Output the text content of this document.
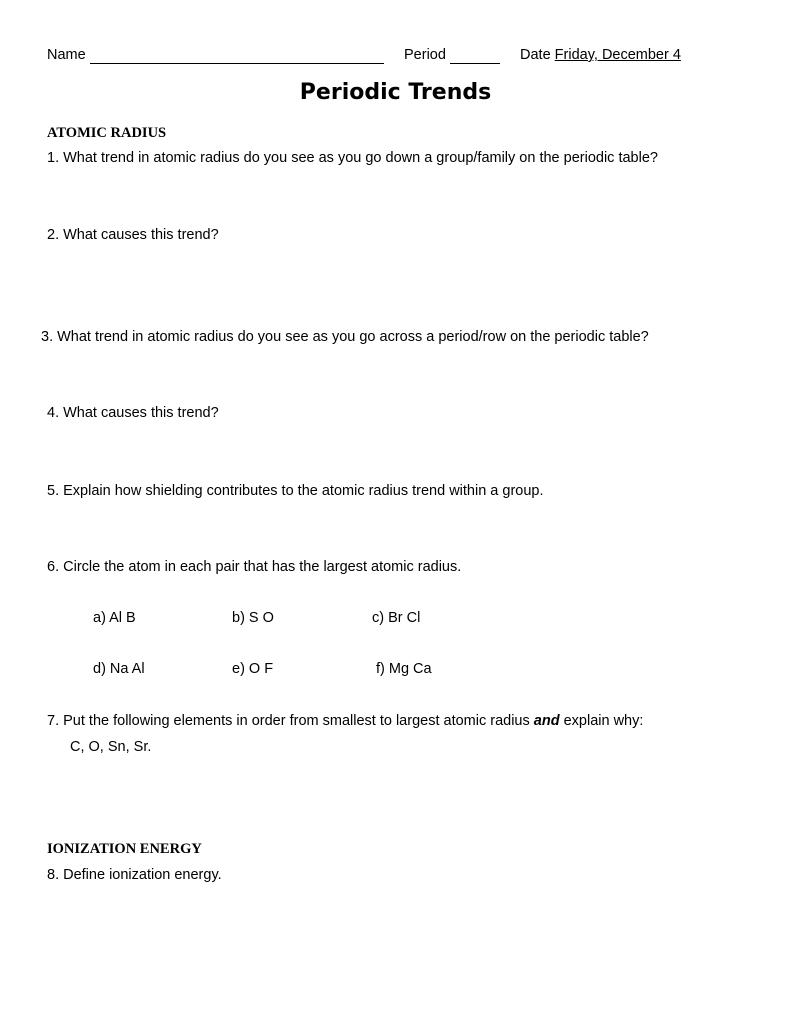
Name	Period	Date Friday, December 4
Periodic Trends
ATOMIC RADIUS
1. What trend in atomic radius do you see as you go down a group/family on the periodic table?
2. What causes this trend?
3. What trend in atomic radius do you see as you go across a period/row on the periodic table?
4. What causes this trend?
5. Explain how shielding contributes to the atomic radius trend within a group.
6. Circle the atom in each pair that has the largest atomic radius.
a) Al B	b) S O	c) Br Cl
d) Na Al	e) O F	f) Mg Ca
7. Put the following elements in order from smallest to largest atomic radius and explain why:
C, O, Sn, Sr.
IONIZATION ENERGY
8. Define ionization energy.
